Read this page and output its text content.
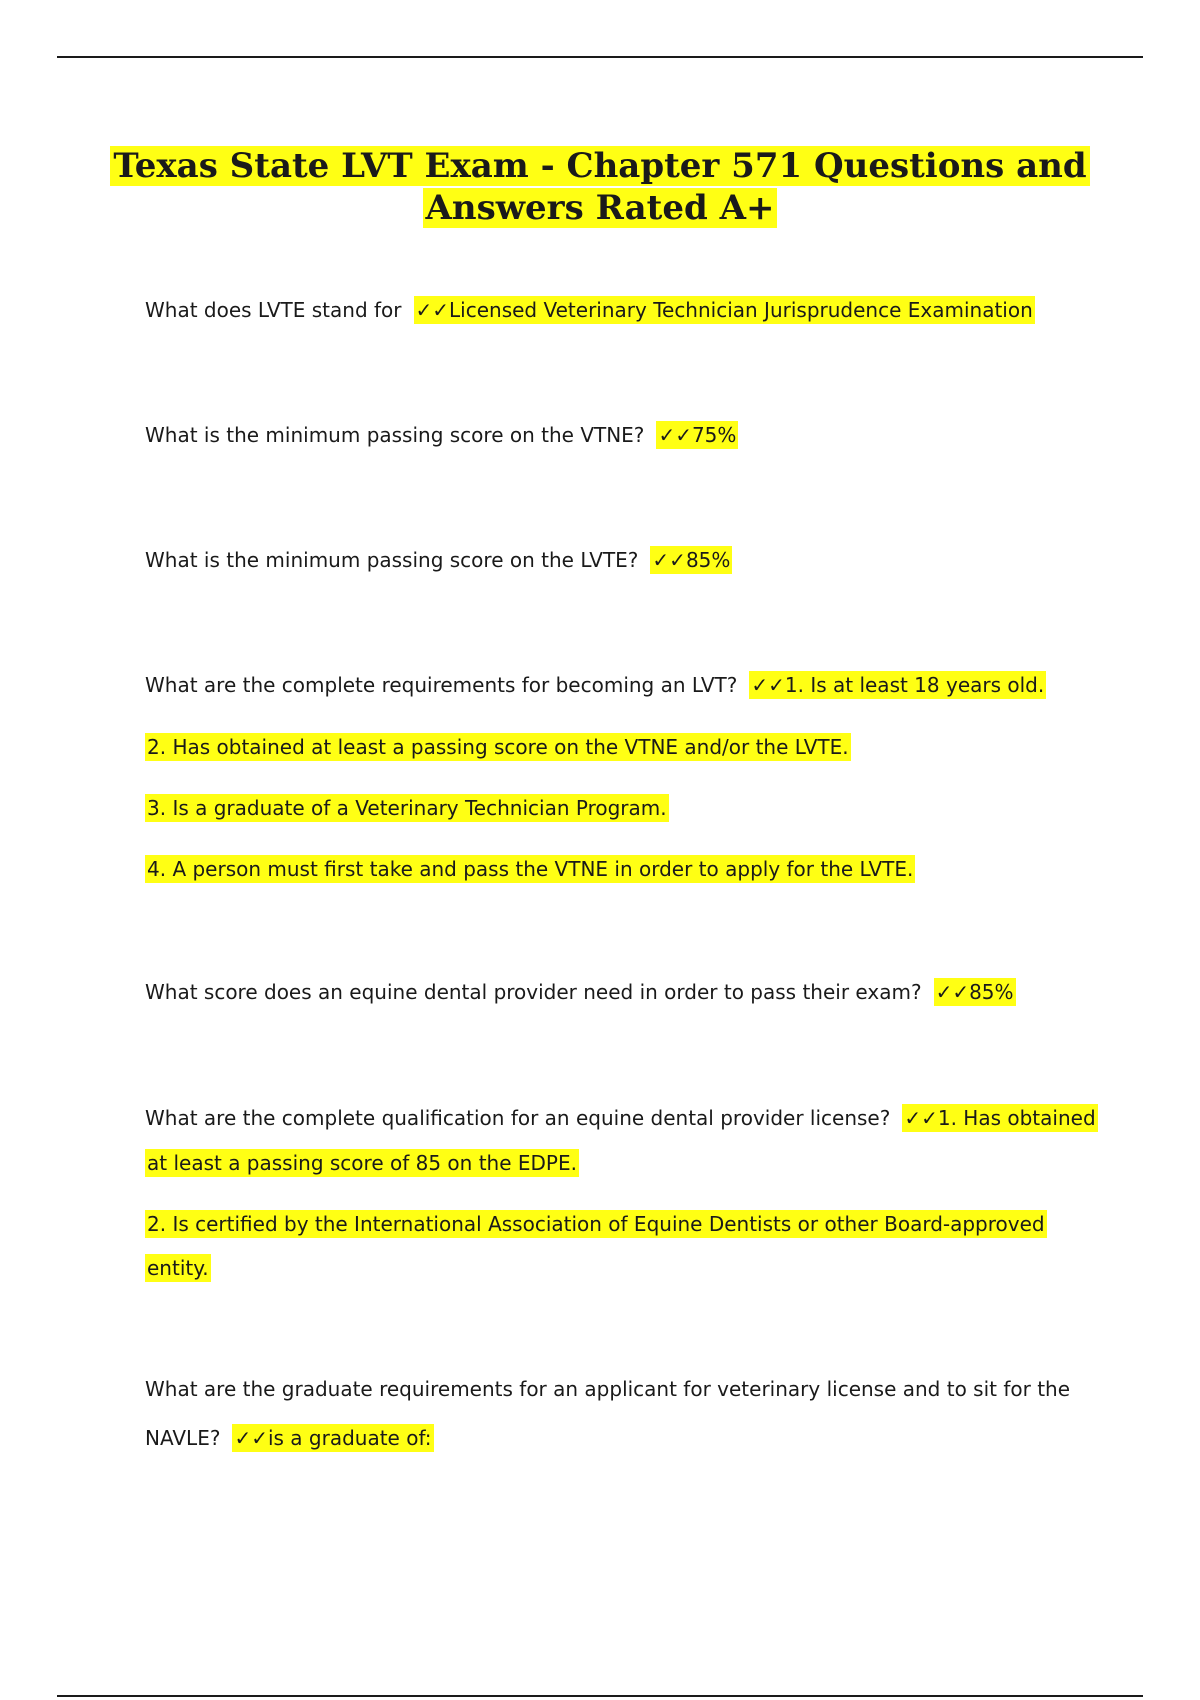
Texas State LVT Exam - Chapter 571 Questions and
Answers Rated A+
What does LVTE stand for ✓✓Licensed Veterinary Technician Jurisprudence Examination
What is the minimum passing score on the VTNE? ✓✓75%
What is the minimum passing score on the LVTE? ✓✓85%
What are the complete requirements for becoming an LVT? ✓✓1. Is at least 18 years old.
2. Has obtained at least a passing score on the VTNE and/or the LVTE.
3. Is a graduate of a Veterinary Technician Program.
4. A person must first take and pass the VTNE in order to apply for the LVTE.
What score does an equine dental provider need in order to pass their exam? ✓✓85%
What are the complete qualification for an equine dental provider license? ✓✓1. Has obtained
at least a passing score of 85 on the EDPE.
2. Is certified by the International Association of Equine Dentists or other Board-approved
entity.
What are the graduate requirements for an applicant for veterinary license and to sit for the
NAVLE? ✓✓is a graduate of:
